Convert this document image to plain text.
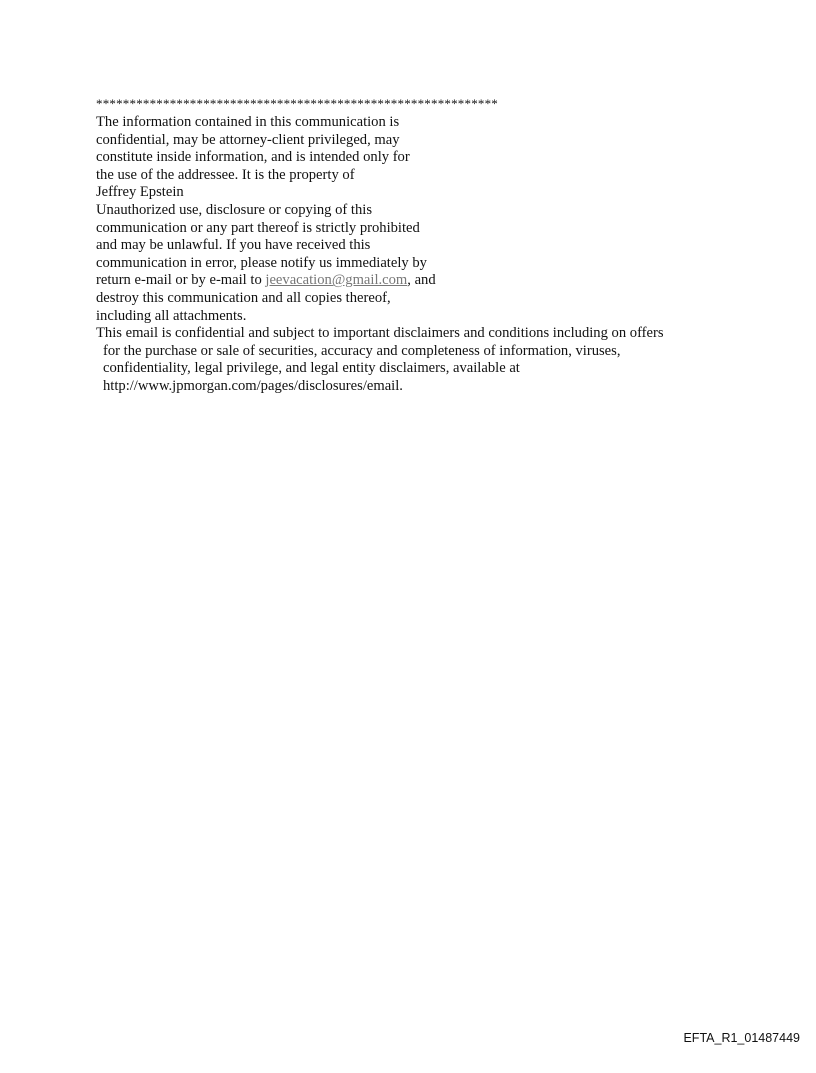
************************************************************

The information contained in this communication is

confidential, may be attorney-client privileged, may

constitute inside information, and is intended only for

the use of the addressee. It is the property of

Jeffrey Epstein

Unauthorized use, disclosure or copying of this

communication or any part thereof is strictly prohibited

and may be unlawful. If you have received this

communication in error, please notify us immediately by

return e-mail or by e-mail to jeevacation@gmail.com, and

destroy this communication and all copies thereof,

including all attachments.

This email is confidential and subject to important disclaimers and conditions including on offers

for the purchase or sale of securities, accuracy and completeness of information, viruses,

confidentiality, legal privilege, and legal entity disclaimers, available at

http://www.jpmorgan.com/pages/disclosures/email.

EFTA_R1_01487449
